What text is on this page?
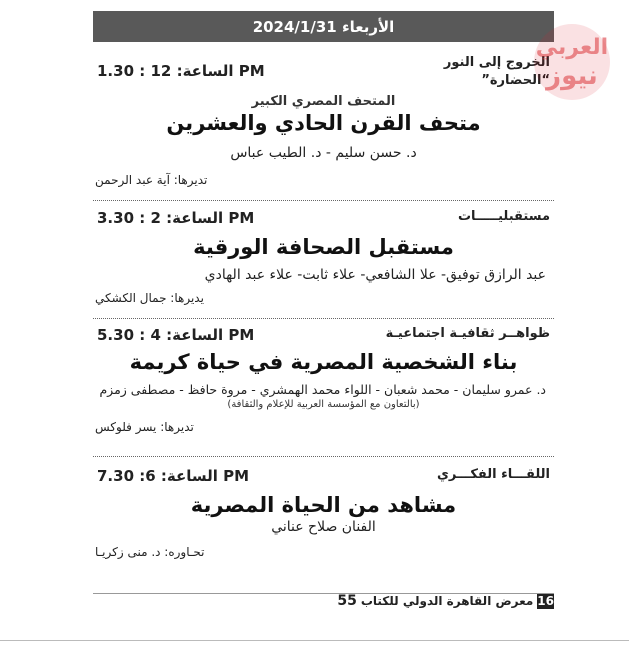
الأربعاء 2024/1/31
الساعة: 12 : 1.30 PM	الخروج إلى النور
“الحضارة”
المتحف المصري الكبير
متحف القرن الحادي والعشرين
د. حسن سليم - د. الطيب عباس
تديرها: آية عبد الرحمن
الساعة: 2 : 3.30 PM	مستقبليـــــات
مستقبل الصحافة الورقية
عبد الرازق توفيق- علا الشافعي- علاء ثابت- علاء عبد الهادي
يديرها: جمال الكشكي
الساعة: 4 : 5.30 PM	ظواهــر ثقافيـة اجتماعيـة
بناء الشخصية المصرية في حياة كريمة
د. عمرو سليمان - محمد شعبان - اللواء محمد الهمشري - مروة حافظ - مصطفى زمزم
(بالتعاون مع المؤسسة العربية للإعلام والثقافة)
تديرها: يسر فلوكس
الساعة: 6: 7.30 PM	اللقـــاء الفكـــري
مشاهد من الحياة المصرية
الفنان صلاح عناني
تحـاوره: د. منى زكريـا
16
معرض القاهرة الدولي للكتاب
55
العربي
نيوز
